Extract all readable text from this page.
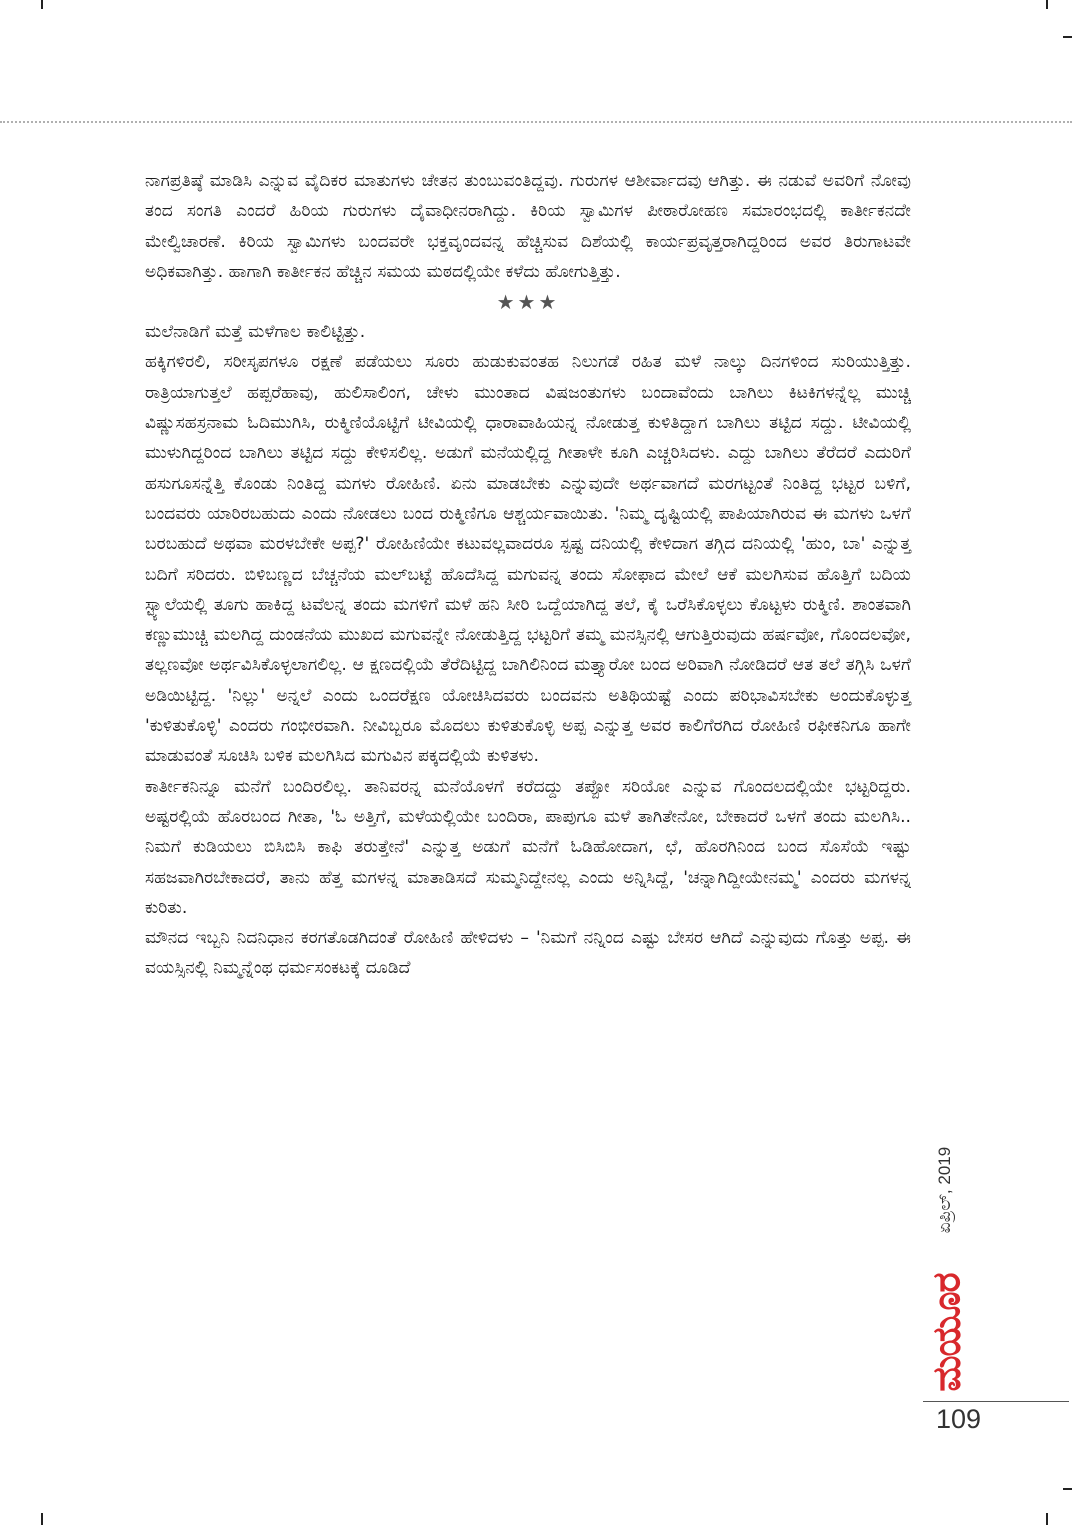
ನಾಗಪ್ರತಿಷ್ಠೆ ಮಾಡಿಸಿ ಎನ್ನುವ ವೈದಿಕರ ಮಾತುಗಳು ಚೇತನ ತುಂಬುವಂತಿದ್ದವು. ಗುರುಗಳ ಆಶೀರ್ವಾದವು ಆಗಿತ್ತು. ಈ ನಡುವೆ ಅವರಿಗೆ ನೋವು ತಂದ ಸಂಗತಿ ಎಂದರೆ ಹಿರಿಯ ಗುರುಗಳು ದೈವಾಧೀನರಾಗಿದ್ದು. ಕಿರಿಯ ಸ್ವಾಮಿಗಳ ಪೀಠಾರೋಹಣ ಸಮಾರಂಭದಲ್ಲಿ ಕಾರ್ತೀಕನದೇ ಮೇಲ್ವಿಚಾರಣೆ. ಕಿರಿಯ ಸ್ವಾಮಿಗಳು ಬಂದವರೇ ಭಕ್ತವೃಂದವನ್ನ ಹೆಚ್ಚಿಸುವ ದಿಶೆಯಲ್ಲಿ ಕಾರ್ಯಪ್ರವೃತ್ತರಾಗಿದ್ದರಿಂದ ಅವರ ತಿರುಗಾಟವೇ ಅಧಿಕವಾಗಿತ್ತು. ಹಾಗಾಗಿ ಕಾರ್ತೀಕನ ಹೆಚ್ಚಿನ ಸಮಯ ಮಠದಲ್ಲಿಯೇ ಕಳೆದು ಹೋಗುತ್ತಿತ್ತು.

★★★

ಮಲೆನಾಡಿಗೆ ಮತ್ತೆ ಮಳೆಗಾಲ ಕಾಲಿಟ್ಟಿತ್ತು.

ಹಕ್ಕಿಗಳಿರಲಿ, ಸರೀಸೃಪಗಳೂ ರಕ್ಷಣೆ ಪಡೆಯಲು ಸೂರು ಹುಡುಕುವಂತಹ ನಿಲುಗಡೆ ರಹಿತ ಮಳೆ ನಾಲ್ಕು ದಿನಗಳಿಂದ ಸುರಿಯುತ್ತಿತ್ತು. ರಾತ್ರಿಯಾಗುತ್ತಲೆ ಹಪ್ಪರೆಹಾವು, ಹುಲಿಸಾಲಿಂಗ, ಚೇಳು ಮುಂತಾದ ವಿಷಜಂತುಗಳು ಬಂದಾವೆಂದು ಬಾಗಿಲು ಕಿಟಕಿಗಳನ್ನೆಲ್ಲ ಮುಚ್ಚಿ ವಿಷ್ಣುಸಹಸ್ರನಾಮ ಓದಿಮುಗಿಸಿ, ರುಕ್ಮಿಣಿಯೊಟ್ಟಿಗೆ ಟೀವಿಯಲ್ಲಿ ಧಾರಾವಾಹಿಯನ್ನ ನೋಡುತ್ತ ಕುಳಿತಿದ್ದಾಗ ಬಾಗಿಲು ತಟ್ಟಿದ ಸದ್ದು. ಟೀವಿಯಲ್ಲಿ ಮುಳುಗಿದ್ದರಿಂದ ಬಾಗಿಲು ತಟ್ಟಿದ ಸದ್ದು ಕೇಳಿಸಲಿಲ್ಲ. ಅಡುಗೆ ಮನೆಯಲ್ಲಿದ್ದ ಗೀತಾಳೇ ಕೂಗಿ ಎಚ್ಚರಿಸಿದಳು. ಎದ್ದು ಬಾಗಿಲು ತೆರೆದರೆ ಎದುರಿಗೆ ಹಸುಗೂಸನ್ನೆತ್ತಿ ಕೊಂಡು ನಿಂತಿದ್ದ ಮಗಳು ರೋಹಿಣಿ. ಏನು ಮಾಡಬೇಕು ಎನ್ನುವುದೇ ಅರ್ಥವಾಗದೆ ಮರಗಟ್ಟಂತೆ ನಿಂತಿದ್ದ ಭಟ್ಟರ ಬಳಿಗೆ, ಬಂದವರು ಯಾರಿರಬಹುದು ಎಂದು ನೋಡಲು ಬಂದ ರುಕ್ಮಿಣಿಗೂ ಆಶ್ಚರ್ಯವಾಯಿತು. 'ನಿಮ್ಮ ದೃಷ್ಟಿಯಲ್ಲಿ ಪಾಪಿಯಾಗಿರುವ ಈ ಮಗಳು ಒಳಗೆ ಬರಬಹುದೆ ಅಥವಾ ಮರಳಬೇಕೇ ಅಪ್ಪ?' ರೋಹಿಣಿಯೇ ಕಟುವಲ್ಲವಾದರೂ ಸ್ಪಷ್ಟ ದನಿಯಲ್ಲಿ ಕೇಳಿದಾಗ ತಗ್ಗಿದ ದನಿಯಲ್ಲಿ 'ಹುಂ, ಬಾ' ಎನ್ನುತ್ತ ಬದಿಗೆ ಸರಿದರು. ಬಿಳಿಬಣ್ಣದ ಬೆಚ್ಚನೆಯ ಮಲ್‌ಬಟ್ಟೆ ಹೊದೆಸಿದ್ದ ಮಗುವನ್ನ ತಂದು ಸೋಫಾದ ಮೇಲೆ ಆಕೆ ಮಲಗಿಸುವ ಹೊತ್ತಿಗೆ ಬದಿಯ ಸ್ಟ್ಯಾಲೆಯಲ್ಲಿ ತೂಗು ಹಾಕಿದ್ದ ಟವೆಲನ್ನ ತಂದು ಮಗಳಿಗೆ ಮಳೆ ಹನಿ ಸೀರಿ ಒದ್ದೆಯಾಗಿದ್ದ ತಲೆ, ಕೈ ಒರೆಸಿಕೊಳ್ಳಲು ಕೊಟ್ಟಳು ರುಕ್ಮಿಣಿ. ಶಾಂತವಾಗಿ ಕಣ್ಣುಮುಚ್ಚಿ ಮಲಗಿದ್ದ ದುಂಡನೆಯ ಮುಖದ ಮಗುವನ್ನೇ ನೋಡುತ್ತಿದ್ದ ಭಟ್ಟರಿಗೆ ತಮ್ಮ ಮನಸ್ಸಿನಲ್ಲಿ ಆಗುತ್ತಿರುವುದು ಹರ್ಷವೋ, ಗೊಂದಲವೋ, ತಲ್ಲಣವೋ ಅರ್ಥವಿಸಿಕೊಳ್ಳಲಾಗಲಿಲ್ಲ. ಆ ಕ್ಷಣದಲ್ಲಿಯೆ ತೆರೆದಿಟ್ಟಿದ್ದ ಬಾಗಿಲಿನಿಂದ ಮತ್ತ್ಯಾರೋ ಬಂದ ಅರಿವಾಗಿ ನೋಡಿದರೆ ಆತ ತಲೆ ತಗ್ಗಿಸಿ ಒಳಗೆ ಅಡಿಯಿಟ್ಟಿದ್ದ. 'ನಿಲ್ಲು' ಅನ್ನಲೆ ಎಂದು ಒಂದರೆಕ್ಷಣ ಯೋಚಿಸಿದವರು ಬಂದವನು ಅತಿಥಿಯಷ್ಟೆ ಎಂದು ಪರಿಭಾವಿಸಬೇಕು ಅಂದುಕೊಳ್ಳುತ್ತ 'ಕುಳಿತುಕೊಳ್ಳಿ' ಎಂದರು ಗಂಭೀರವಾಗಿ. ನೀವಿಬ್ಬರೂ ಮೊದಲು ಕುಳಿತುಕೊಳ್ಳಿ ಅಪ್ಪ ಎನ್ನುತ್ತ ಅವರ ಕಾಲಿಗೆರಗಿದ ರೋಹಿಣಿ ರಫೀಕನಿಗೂ ಹಾಗೇ ಮಾಡುವಂತೆ ಸೂಚಿಸಿ ಬಳಿಕ ಮಲಗಿಸಿದ ಮಗುವಿನ ಪಕ್ಕದಲ್ಲಿಯೆ ಕುಳಿತಳು.

ಕಾರ್ತೀಕನಿನ್ನೂ ಮನೆಗೆ ಬಂದಿರಲಿಲ್ಲ. ತಾನಿವರನ್ನ ಮನೆಯೊಳಗೆ ಕರೆದದ್ದು ತಪ್ಪೋ ಸರಿಯೋ ಎನ್ನುವ ಗೊಂದಲದಲ್ಲಿಯೇ ಭಟ್ಟರಿದ್ದರು. ಅಷ್ಟರಲ್ಲಿಯೆ ಹೊರಬಂದ ಗೀತಾ, 'ಓ ಅತ್ತಿಗೆ, ಮಳೆಯಲ್ಲಿಯೇ ಬಂದಿರಾ, ಪಾಪುಗೂ ಮಳೆ ತಾಗಿತೇನೋ, ಬೇಕಾದರೆ ಒಳಗೆ ತಂದು ಮಲಗಿಸಿ.. ನಿಮಗೆ ಕುಡಿಯಲು ಬಿಸಿಬಿಸಿ ಕಾಫಿ ತರುತ್ತೇನೆ' ಎನ್ನುತ್ತ ಅಡುಗೆ ಮನೆಗೆ ಓಡಿಹೋದಾಗ, ಛೆ, ಹೊರಗಿನಿಂದ ಬಂದ ಸೊಸೆಯೆ ಇಷ್ಟು ಸಹಜವಾಗಿರಬೇಕಾದರೆ, ತಾನು ಹೆತ್ತ ಮಗಳನ್ನ ಮಾತಾಡಿಸದೆ ಸುಮ್ಮನಿದ್ದೇನಲ್ಲ ಎಂದು ಅನ್ನಿಸಿದ್ದೆ, 'ಚನ್ನಾಗಿದ್ದೀಯೇನಮ್ಮ' ಎಂದರು ಮಗಳನ್ನ ಕುರಿತು.

ಮೌನದ ಇಬ್ಬನಿ ನಿದನಿಧಾನ ಕರಗತೊಡಗಿದಂತೆ ರೋಹಿಣಿ ಹೇಳಿದಳು – 'ನಿಮಗೆ ನನ್ನಿಂದ ಎಷ್ಟು ಬೇಸರ ಆಗಿದೆ ಎನ್ನುವುದು ಗೊತ್ತು ಅಪ್ಪ. ಈ ವಯಸ್ಸಿನಲ್ಲಿ ನಿಮ್ಮನ್ನೆಂಥ ಧರ್ಮಸಂಕಟಕ್ಕೆ ದೂಡಿದೆ

ಏಪ್ರಿಲ್, 2019
ಮಯೂರ
109
